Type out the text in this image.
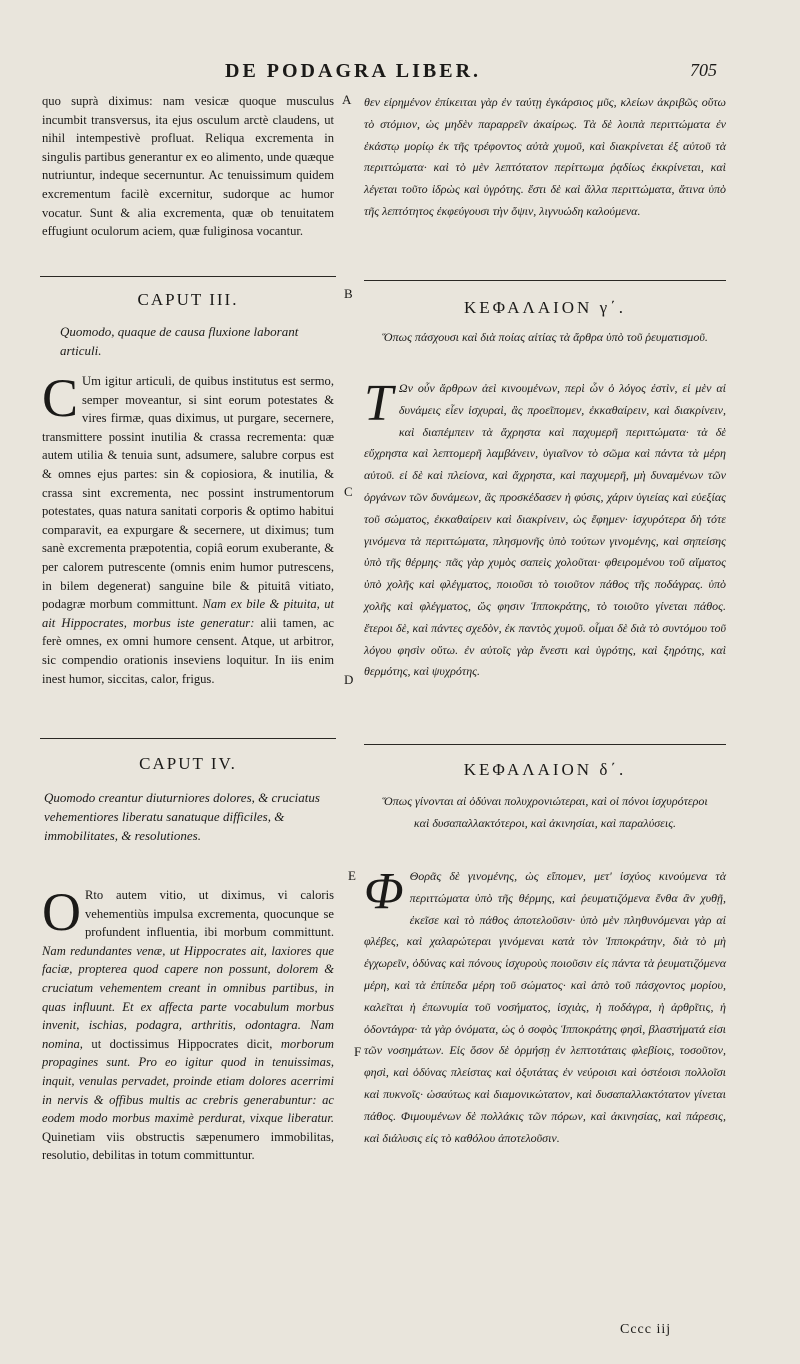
DE PODAGRA LIBER.	705

quo suprà diximus: nam vesicæ quoque musculus incumbit transversus, ita ejus osculum arctè claudens, ut nihil intempestivè profluat. Reliqua excrementa in singulis partibus generantur ex eo alimento, unde quæque nutriuntur, indeque secernuntur. Ac tenuissimum quidem excrementum facilè excernitur, sudorque ac humor vocatur. Sunt & alia excrementa, quæ ob tenuitatem effugiunt oculorum aciem, quæ fuliginosa vocantur.

CAPUT III.

Quomodo, quaque de causa fluxione laborant articuli.

C Um igitur articuli, de quibus institutus est sermo, semper moveantur, si sint eorum potestates & vires firmæ, quas diximus, ut purgare, secernere, transmittere possint inutilia & crassa recrementa: quæ autem utilia & tenuia sunt, adsumere, salubre corpus est & omnes ejus partes: sin & copiosiora, & inutilia, & crassa sint excrementa, nec possint instrumentorum potestates, quas natura sanitati corporis & optimo habitui comparavit, ea expurgare & secernere, ut diximus; tum sanè excrementa præpotentia, copiâ eorum exuberante, & per calorem putrescente (omnis enim humor putrescens, in bilem degenerat) sanguine bile & pituitâ vitiato, podagræ morbum committunt. Nam ex bile & pituita, ut ait Hippocrates, morbus iste generatur: alii tamen, ac ferè omnes, ex omni humore censent. Atque, ut arbitror, sic compendio orationis inseviens loquitur. In iis enim inest humor, siccitas, calor, frigus.

CAPUT IV.

Quomodo creantur diuturniores dolores, & cruciatus vehementiores liberatu sanatuque difficiles, & immobilitates, & resolutiones.

O Rto autem vitio, ut diximus, vi caloris vehementiùs impulsa excrementa, quocunque se profundent influentia, ibi morbum committunt. Nam redundantes venæ, ut Hippocrates ait, laxiores que faciæ, propterea quod capere non possunt, dolorem & cruciatum vehementem creant in omnibus partibus, in quas influunt. Et ex affecta parte vocabulum morbus invenit, ischias, podagra, arthritis, odontagra. Nam nomina, ut doctissimus Hippocrates dicit, morborum propagines sunt. Pro eo igitur quod in tenuissimas, inquit, venulas pervadet, proinde etiam dolores acerrimi in nervis & offibus multis ac crebris generabuntur: ac eodem modo morbus maximè perdurat, vixque liberatur. Quinetiam viis obstructis sæpenumero immobilitas, resolutio, debilitas in totum committuntur.

A
B
C
D
E
F

θεν εἰρημένον ἐπίκειται γὰρ ἐν ταύτῃ ἐγκάρσιος μῦς, κλείων ἀκριβῶς οὕτω τὸ στόμιον, ὡς μηδὲν παραρρεῖν ἀκαίρως. Τὰ δὲ λοιπὰ περιττώματα ἐν ἑκάστῳ μορίῳ ἐκ τῆς τρέφοντος αὐτὰ χυμοῦ, καὶ διακρίνεται ἐξ αὐτοῦ τὰ περιττώματα· καὶ τὸ μὲν λεπτότατον περίττωμα ῥᾳδίως ἐκκρίνεται, καὶ λέγεται τοῦτο ἱδρὼς καὶ ὑγρότης. ἔστι δὲ καὶ ἄλλα περιττώματα, ἅτινα ὑπὸ τῆς λεπτότητος ἐκφεύγουσι τὴν ὄψιν, λιγνυώδη καλούμενα.

ΚΕΦΑΛΑΙΟΝ γ΄.

Ὅπως πάσχουσι καὶ διὰ ποίας αἰτίας τὰ ἄρθρα ὑπὸ τοῦ ῥευματισμοῦ.

Τ Ων οὖν ἄρθρων ἀεὶ κινουμένων, περὶ ὧν ὁ λόγος ἐστὶν, εἰ μὲν αἱ δυνάμεις εἶεν ἰσχυραὶ, ἃς προεῖπομεν, ἐκκαθαίρειν, καὶ διακρίνειν, καὶ διαπέμπειν τὰ ἄχρηστα καὶ παχυμερῆ περιττώματα· τὰ δὲ εὔχρηστα καὶ λεπτομερῆ λαμβάνειν, ὑγιαῖνον τὸ σῶμα καὶ πάντα τὰ μέρη αὐτοῦ. εἰ δὲ καὶ πλείονα, καὶ ἄχρηστα, καὶ παχυμερῆ, μὴ δυναμένων τῶν ὀργάνων τῶν δυνάμεων, ἃς προσκέδασεν ἡ φύσις, χάριν ὑγιείας καὶ εὐεξίας τοῦ σώματος, ἐκκαθαίρειν καὶ διακρίνειν, ὡς ἔφημεν· ἰσχυρότερα δὴ τότε γινόμενα τὰ περιττώματα, πλησμονῆς ὑπὸ τούτων γινομένης, καὶ σηπείσης ὑπὸ τῆς θέρμης· πᾶς γὰρ χυμὸς σαπεὶς χολοῦται· φθειρομένου τοῦ αἵματος ὑπὸ χολῆς καὶ φλέγματος, ποιοῦσι τὸ τοιοῦτον πάθος τῆς ποδάγρας. ὑπὸ χολῆς καὶ φλέγματος, ὥς φησιν Ἱπποκράτης, τὸ τοιοῦτο γίνεται πάθος. ἕτεροι δὲ, καὶ πάντες σχεδὸν, ἐκ παντὸς χυμοῦ. οἶμαι δὲ διὰ τὸ συντόμου τοῦ λόγου φησὶν οὕτω. ἐν αὐτοῖς γὰρ ἔνεστι καὶ ὑγρότης, καὶ ξηρότης, καὶ θερμότης, καὶ ψυχρότης.

ΚΕΦΑΛΑΙΟΝ δ΄.

Ὅπως γίνονται αἱ ὀδύναι πολυχρονιώτεραι, καὶ οἱ πόνοι ἰσχυρότεροι καὶ δυσαπαλλακτότεροι, καὶ ἀκινησίαι, καὶ παραλύσεις.

Φ Θορᾶς δὲ γινομένης, ὡς εἴπομεν, μετ' ἰσχύος κινούμενα τὰ περιττώματα ὑπὸ τῆς θέρμης, καὶ ῥευματιζόμενα ἔνθα ἂν χυθῇ, ἐκεῖσε καὶ τὸ πάθος ἀποτελοῦσιν· ὑπὸ μὲν πληθυνόμεναι γὰρ αἱ φλέβες, καὶ χαλαρώτεραι γινόμεναι κατὰ τὸν Ἱπποκράτην, διὰ τὸ μὴ ἐγχωρεῖν, ὀδύνας καὶ πόνους ἰσχυροὺς ποιοῦσιν εἰς πάντα τὰ ῥευματιζόμενα μέρη, καὶ τὰ ἐπίπεδα μέρη τοῦ σώματος· καὶ ἀπὸ τοῦ πάσχοντος μορίου, καλεῖται ἡ ἐπωνυμία τοῦ νοσήματος, ἰσχιὰς, ἡ ποδάγρα, ἡ ἀρθρῖτις, ἡ ὀδοντάγρα· τὰ γὰρ ὀνόματα, ὡς ὁ σοφὸς Ἱπποκράτης φησὶ, βλαστήματά εἰσι τῶν νοσημάτων. Εἰς ὅσον δὲ ὁρμήσῃ ἐν λεπτοτάταις φλεβίοις, τοσοῦτον, φησὶ, καὶ ὀδύνας πλείστας καὶ ὀξυτάτας ἐν νεύροισι καὶ ὀστέοισι πολλοῖσι καὶ πυκνοῖς· ὡσαύτως καὶ διαμονικώτατον, καὶ δυσαπαλλακτότατον γίνεται πάθος. Φιμουμένων δὲ πολλάκις τῶν πόρων, καὶ ἀκινησίας, καὶ πάρεσις, καὶ διάλυσις εἰς τὸ καθόλου ἀποτελοῦσιν.

Cccc iij
